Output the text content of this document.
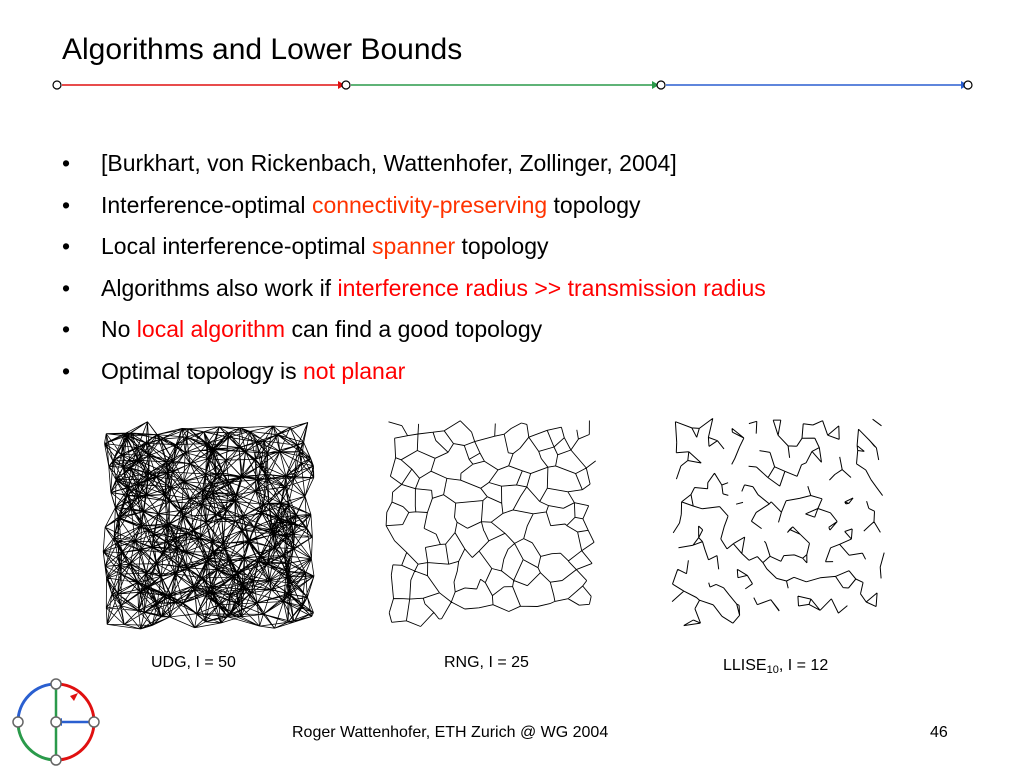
Algorithms and Lower Bounds
• [Burkhart, von Rickenbach, Wattenhofer, Zollinger, 2004]
• Interference-optimal connectivity-preserving topology
• Local interference-optimal spanner topology
• Algorithms also work if interference radius >> transmission radius
• No local algorithm can find a good topology
• Optimal topology is not planar
UDG, I = 50	RNG, I = 25	$LLISE_{10}$, I = 12
Roger Wattenhofer, ETH Zurich @ WG 2004	46
